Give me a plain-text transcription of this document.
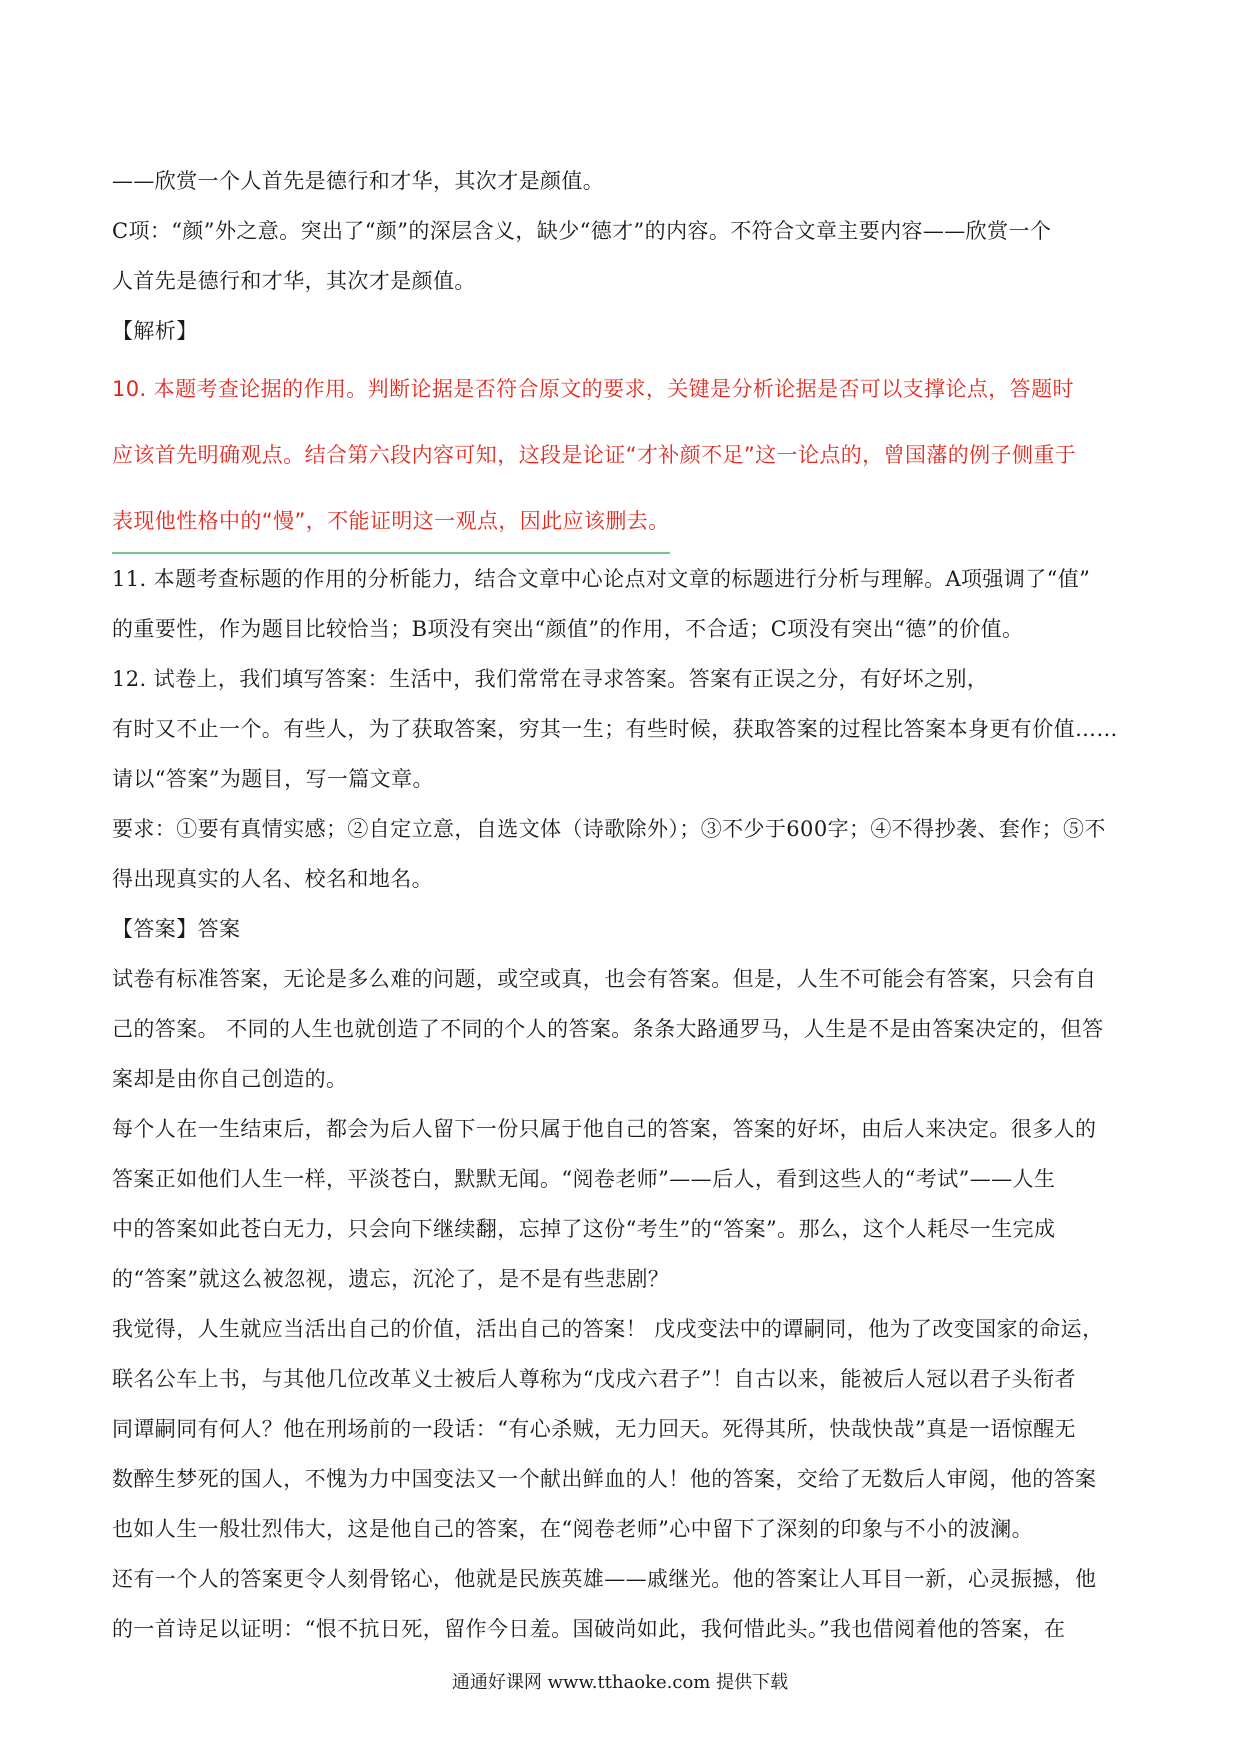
——欣赏一个人首先是德行和才华，其次才是颜值。
C项：“颜”外之意。突出了“颜”的深层含义，缺少“德才”的内容。不符合文章主要内容——欣赏一个
人首先是德行和才华，其次才是颜值。
【解析】
10. 本题考查论据的作用。判断论据是否符合原文的要求，关键是分析论据是否可以支撑论点，答题时
应该首先明确观点。结合第六段内容可知，这段是论证“才补颜不足”这一论点的，曾国藩的例子侧重于
表现他性格中的“慢”，不能证明这一观点，因此应该删去。
11. 本题考查标题的作用的分析能力，结合文章中心论点对文章的标题进行分析与理解。A项强调了“值”
的重要性，作为题目比较恰当；B项没有突出“颜值”的作用，不合适；C项没有突出“德”的价值。
12. 试卷上，我们填写答案：生活中，我们常常在寻求答案。答案有正误之分，有好坏之别，
有时又不止一个。有些人，为了获取答案，穷其一生；有些时候，获取答案的过程比答案本身更有价值……
请以“答案”为题目，写一篇文章。
要求：①要有真情实感；②自定立意，自选文体（诗歌除外）；③不少于600字；④不得抄袭、套作；⑤不
得出现真实的人名、校名和地名。
【答案】答案
试卷有标准答案，无论是多么难的问题，或空或真，也会有答案。但是，人生不可能会有答案，只会有自
己的答案。 不同的人生也就创造了不同的个人的答案。条条大路通罗马，人生是不是由答案决定的，但答
案却是由你自己创造的。
每个人在一生结束后，都会为后人留下一份只属于他自己的答案，答案的好坏，由后人来决定。很多人的
答案正如他们人生一样，平淡苍白，默默无闻。“阅卷老师”——后人，看到这些人的“考试”——人生
中的答案如此苍白无力，只会向下继续翻，忘掉了这份“考生”的“答案”。那么，这个人耗尽一生完成
的“答案”就这么被忽视，遗忘，沉沦了，是不是有些悲剧？
我觉得，人生就应当活出自己的价值，活出自己的答案！ 戊戌变法中的谭嗣同，他为了改变国家的命运，
联名公车上书，与其他几位改革义士被后人尊称为“戊戌六君子”！自古以来，能被后人冠以君子头衔者
同谭嗣同有何人？他在刑场前的一段话：“有心杀贼，无力回天。死得其所，快哉快哉”真是一语惊醒无
数醉生梦死的国人，不愧为力中国变法又一个献出鲜血的人！他的答案，交给了无数后人审阅，他的答案
也如人生一般壮烈伟大，这是他自己的答案，在“阅卷老师”心中留下了深刻的印象与不小的波澜。
还有一个人的答案更令人刻骨铭心，他就是民族英雄——戚继光。他的答案让人耳目一新，心灵振撼，他
的一首诗足以证明：“恨不抗日死，留作今日羞。国破尚如此，我何惜此头。”我也借阅着他的答案，在
通通好课网 www.tthaoke.com 提供下载
